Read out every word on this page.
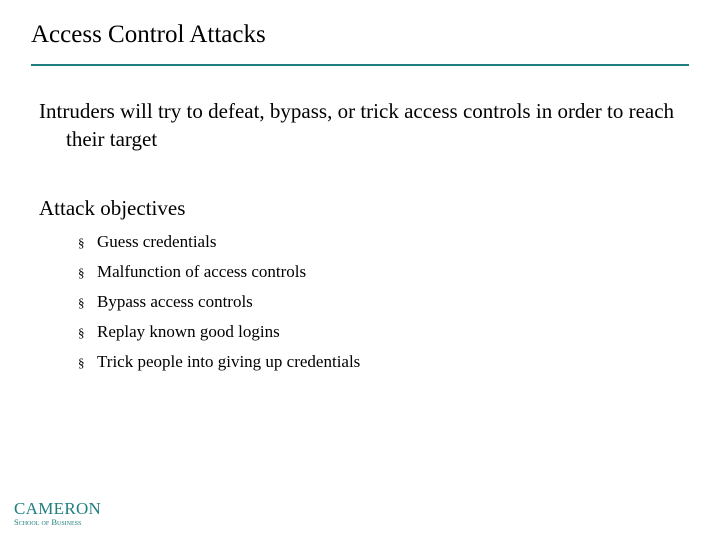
Access Control Attacks
Intruders will try to defeat, bypass, or trick access controls in order to reach their target
Attack objectives
§ Guess credentials
§ Malfunction of access controls
§ Bypass access controls
§ Replay known good logins
§ Trick people into giving up credentials
CAMERON
School of Business
